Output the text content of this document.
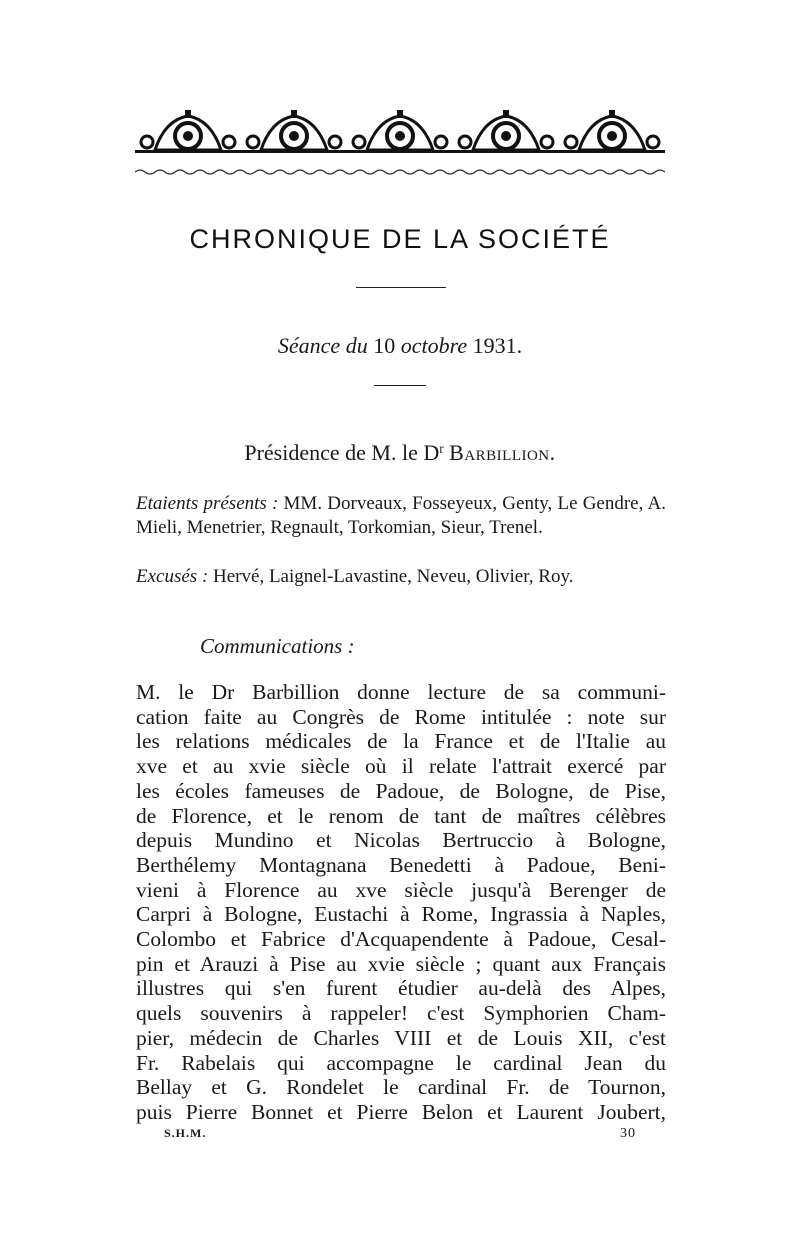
CHRONIQUE DE LA SOCIÉTÉ
Séance du 10 octobre 1931.
Présidence de M. le $D^r$ Barbillion.
Etaients présents : MM. Dorveaux, Fosseyeux, Genty, Le Gendre, A. Mieli, Menetrier, Regnault, Torkomian, Sieur, Trenel.
Excusés : Hervé, Laignel-Lavastine, Neveu, Olivier, Roy.
Communications :
M. le Dr Barbillion donne lecture de sa communi-
cation faite au Congrès de Rome intitulée : note sur
les relations médicales de la France et de l'Italie au
xve et au xvie siècle où il relate l'attrait exercé par
les écoles fameuses de Padoue, de Bologne, de Pise,
de Florence, et le renom de tant de maîtres célèbres
depuis Mundino et Nicolas Bertruccio à Bologne,
Berthélemy Montagnana Benedetti à Padoue, Beni-
vieni à Florence au xve siècle jusqu'à Berenger de
Carpri à Bologne, Eustachi à Rome, Ingrassia à Naples,
Colombo et Fabrice d'Acquapendente à Padoue, Cesal-
pin et Arauzi à Pise au xvie siècle ; quant aux Français
illustres qui s'en furent étudier au-delà des Alpes,
quels souvenirs à rappeler! c'est Symphorien Cham-
pier, médecin de Charles VIII et de Louis XII, c'est
Fr. Rabelais qui accompagne le cardinal Jean du
Bellay et G. Rondelet le cardinal Fr. de Tournon,
puis Pierre Bonnet et Pierre Belon et Laurent Joubert,
S.H.M.	30
